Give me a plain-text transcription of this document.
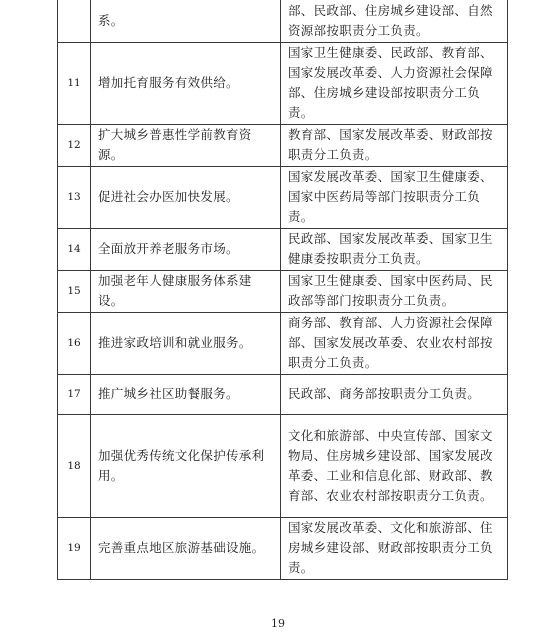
	系。	部、民政部、住房城乡建设部、自然资源部按职责分工负责。
11	增加托育服务有效供给。	国家卫生健康委、民政部、教育部、国家发展改革委、人力资源社会保障部、住房城乡建设部按职责分工负责。
12	扩大城乡普惠性学前教育资源。	教育部、国家发展改革委、财政部按职责分工负责。
13	促进社会办医加快发展。	国家发展改革委、国家卫生健康委、国家中医药局等部门按职责分工负责。
14	全面放开养老服务市场。	民政部、国家发展改革委、国家卫生健康委按职责分工负责。
15	加强老年人健康服务体系建设。	国家卫生健康委、国家中医药局、民政部等部门按职责分工负责。
16	推进家政培训和就业服务。	商务部、教育部、人力资源社会保障部、国家发展改革委、农业农村部按职责分工负责。
17	推广城乡社区助餐服务。	民政部、商务部按职责分工负责。
18	加强优秀传统文化保护传承利用。	文化和旅游部、中央宣传部、国家文物局、住房城乡建设部、国家发展改革委、工业和信息化部、财政部、教育部、农业农村部按职责分工负责。
19	完善重点地区旅游基础设施。	国家发展改革委、文化和旅游部、住房城乡建设部、财政部按职责分工负责。
19
